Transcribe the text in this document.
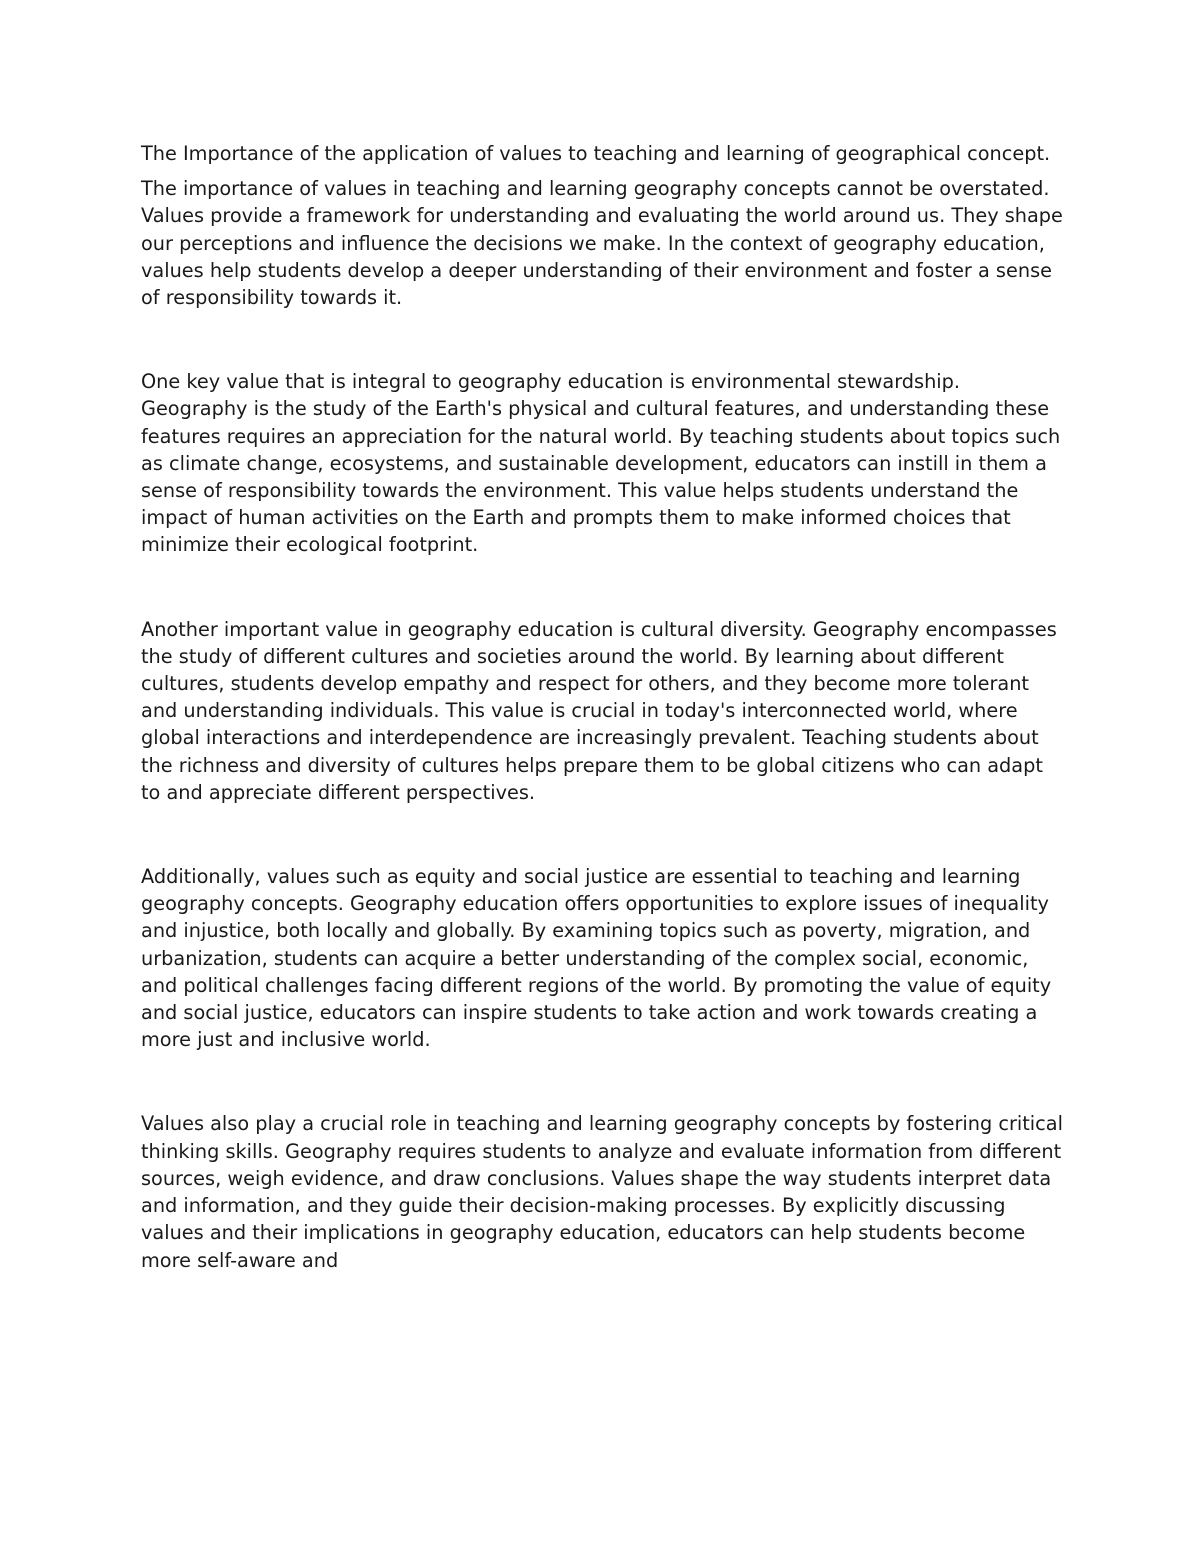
The Importance of the application of values to teaching and learning of geographical concept.

The importance of values in teaching and learning geography concepts cannot be overstated. Values provide a framework for understanding and evaluating the world around us. They shape our perceptions and influence the decisions we make. In the context of geography education, values help students develop a deeper understanding of their environment and foster a sense of responsibility towards it.

One key value that is integral to geography education is environmental stewardship. Geography is the study of the Earth's physical and cultural features, and understanding these features requires an appreciation for the natural world. By teaching students about topics such as climate change, ecosystems, and sustainable development, educators can instill in them a sense of responsibility towards the environment. This value helps students understand the impact of human activities on the Earth and prompts them to make informed choices that minimize their ecological footprint.

Another important value in geography education is cultural diversity. Geography encompasses the study of different cultures and societies around the world. By learning about different cultures, students develop empathy and respect for others, and they become more tolerant and understanding individuals. This value is crucial in today's interconnected world, where global interactions and interdependence are increasingly prevalent. Teaching students about the richness and diversity of cultures helps prepare them to be global citizens who can adapt to and appreciate different perspectives.

Additionally, values such as equity and social justice are essential to teaching and learning geography concepts. Geography education offers opportunities to explore issues of inequality and injustice, both locally and globally. By examining topics such as poverty, migration, and urbanization, students can acquire a better understanding of the complex social, economic, and political challenges facing different regions of the world. By promoting the value of equity and social justice, educators can inspire students to take action and work towards creating a more just and inclusive world.

Values also play a crucial role in teaching and learning geography concepts by fostering critical thinking skills. Geography requires students to analyze and evaluate information from different sources, weigh evidence, and draw conclusions. Values shape the way students interpret data and information, and they guide their decision-making processes. By explicitly discussing values and their implications in geography education, educators can help students become more self-aware and
